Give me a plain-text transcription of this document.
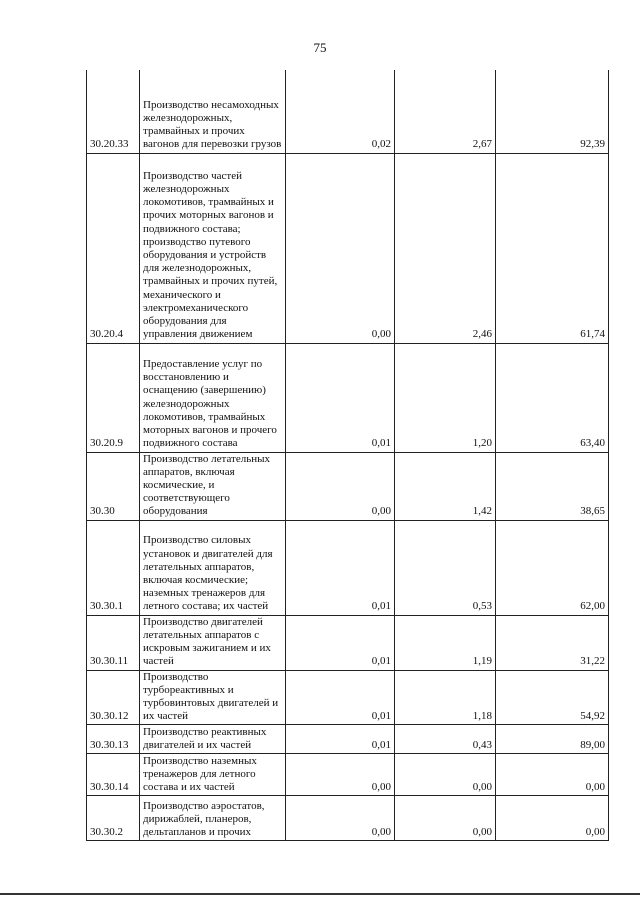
75
30.20.33	Производство несамоходных железнодорожных, трамвайных и прочих вагонов для перевозки грузов	0,02	2,67	92,39
30.20.4	Производство частей железнодорожных локомотивов, трамвайных и прочих моторных вагонов и подвижного состава; производство путевого оборудования и устройств для железнодорожных, трамвайных и прочих путей, механического и электромеханического оборудования для управления движением	0,00	2,46	61,74
30.20.9	Предоставление услуг по восстановлению и оснащению (завершению) железнодорожных локомотивов, трамвайных моторных вагонов и прочего подвижного состава	0,01	1,20	63,40
30.30	Производство летательных аппаратов, включая космические, и соответствующего оборудования	0,00	1,42	38,65
30.30.1	Производство силовых установок и двигателей для летательных аппаратов, включая космические; наземных тренажеров для летного состава; их частей	0,01	0,53	62,00
30.30.11	Производство двигателей летательных аппаратов с искровым зажиганием и их частей	0,01	1,19	31,22
30.30.12	Производство турбореактивных и турбовинтовых двигателей и их частей	0,01	1,18	54,92
30.30.13	Производство реактивных двигателей и их частей	0,01	0,43	89,00
30.30.14	Производство наземных тренажеров для летного состава и их частей	0,00	0,00	0,00
30.30.2	Производство аэростатов, дирижаблей, планеров, дельтапланов и прочих	0,00	0,00	0,00
